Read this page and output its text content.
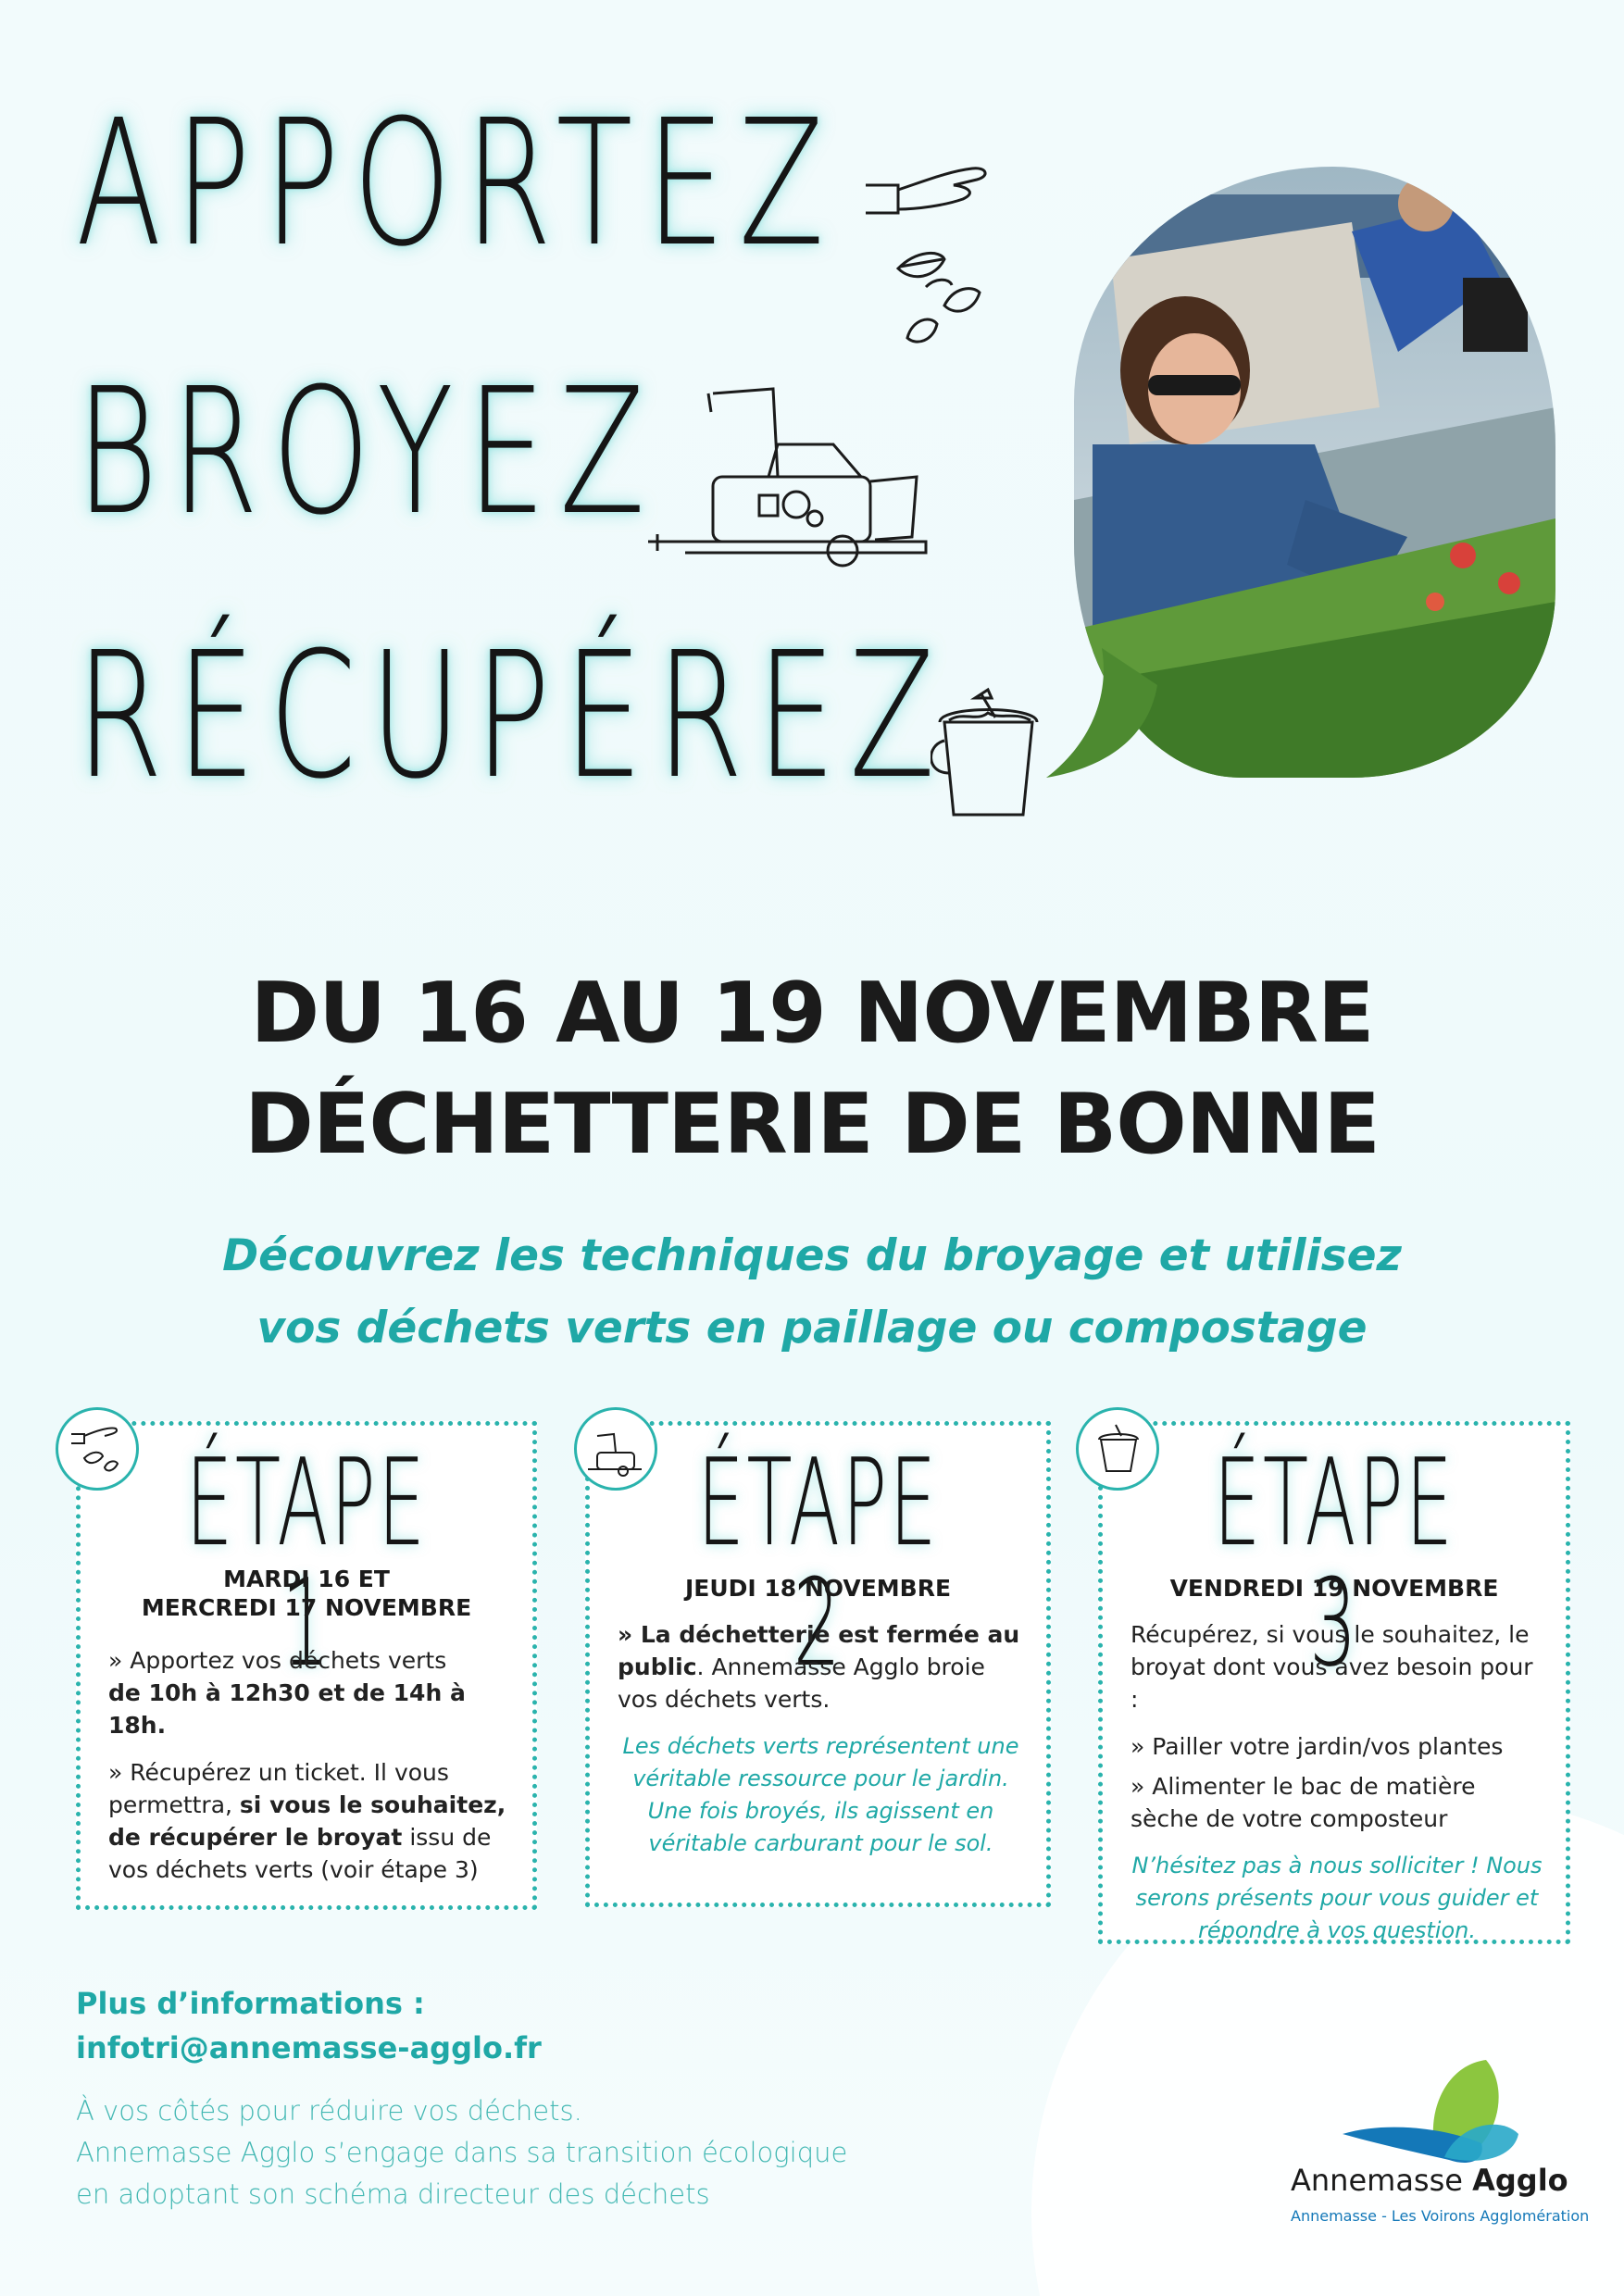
APPORTEZ
BROYEZ
RÉCUPÉREZ
DU 16 AU 19 NOVEMBRE
DÉCHETTERIE DE BONNE
Découvrez les techniques du broyage et utilisez
vos déchets verts en paillage ou compostage
ÉTAPE 1
MARDI 16 ET
MERCREDI 17 NOVEMBRE

» Apportez vos déchets verts
de 10h à 12h30 et de 14h à 18h.

» Récupérez un ticket. Il vous permettra, si vous le souhaitez, de récupérer le broyat issu de vos déchets verts (voir étape 3)

ÉTAPE 2
JEUDI 18 NOVEMBRE

» La déchetterie est fermée au public. Annemasse Agglo broie vos déchets verts.

Les déchets verts représentent une véritable ressource pour le jardin. Une fois broyés, ils agissent en véritable carburant pour le sol.

ÉTAPE 3
VENDREDI 19 NOVEMBRE

Récupérez, si vous le souhaitez, le broyat dont vous avez besoin pour :

» Pailler votre jardin/vos plantes

» Alimenter le bac de matière sèche de votre composteur

N’hésitez pas à nous solliciter ! Nous serons présents pour vous guider et répondre à vos question.

Plus d’informations :
infotri@annemasse-agglo.fr
À vos côtés pour réduire vos déchets.
Annemasse Agglo s’engage dans sa transition écologique
en adoptant son schéma directeur des déchets	Annemasse Agglo
Annemasse - Les Voirons Agglomération
